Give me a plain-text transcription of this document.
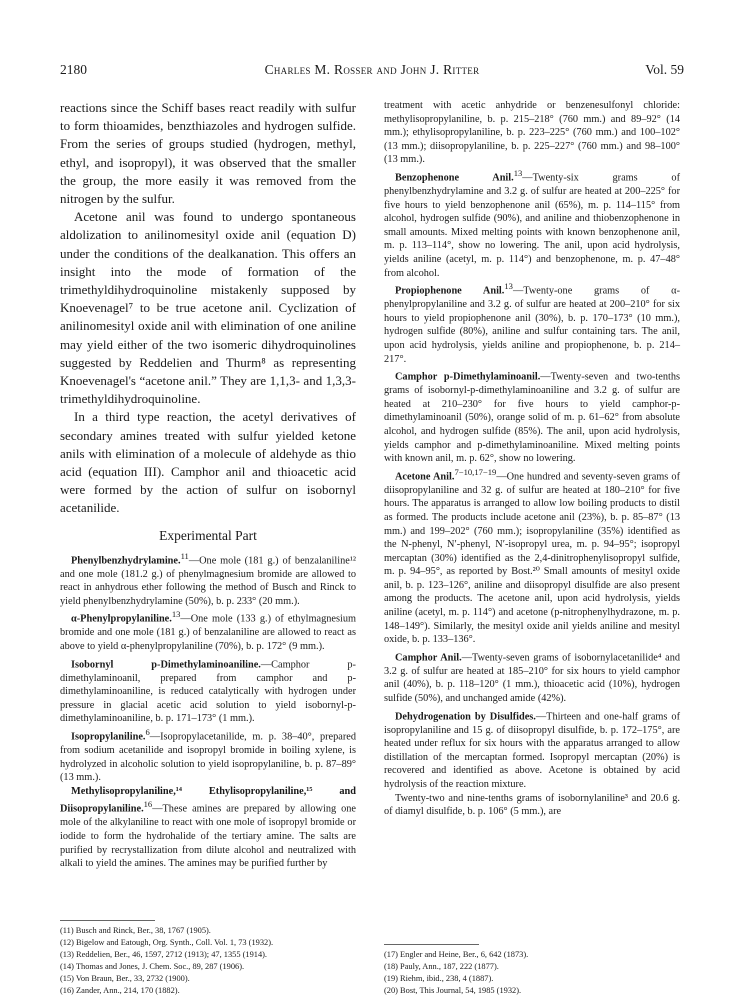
2180	Charles M. Rosser and John J. Ritter	Vol. 59

reactions since the Schiff bases react readily with sulfur to form thioamides, benzthiazoles and hydrogen sulfide. From the series of groups studied (hydrogen, methyl, ethyl, and isopropyl), it was observed that the smaller the group, the more easily it was removed from the nitrogen by the sulfur.

Acetone anil was found to undergo spontaneous aldolization to anilinomesityl oxide anil (equation D) under the conditions of the dealkanation. This offers an insight into the mode of formation of the trimethyldihydroquinoline mistakenly supposed by Knoevenagel⁷ to be true acetone anil. Cyclization of anilinomesityl oxide anil with elimination of one aniline may yield either of the two isomeric dihydroquinolines suggested by Reddelien and Thurm⁸ as representing Knoevenagel's “acetone anil.” They are 1,1,3- and 1,3,3-trimethyldihydroquinoline.

In a third type reaction, the acetyl derivatives of secondary amines treated with sulfur yielded ketone anils with elimination of a molecule of aldehyde as thio acid (equation III). Camphor anil and thioacetic acid were formed by the action of sulfur on isobornyl acetanilide.

Experimental Part

Phenylbenzhydrylamine.$^{11}$—One mole (181 g.) of benzalaniline¹² and one mole (181.2 g.) of phenylmagnesium bromide are allowed to react in anhydrous ether following the method of Busch and Rinck to yield phenylbenzhydrylamine (50%), b. p. 233° (20 mm.).

α-Phenylpropylaniline.$^{13}$—One mole (133 g.) of ethylmagnesium bromide and one mole (181 g.) of benzalaniline are allowed to react as above to yield α-phenylpropylaniline (70%), b. p. 172° (9 mm.).

Isobornyl p-Dimethylaminoaniline.—Camphor p-dimethylaminoanil, prepared from camphor and p-dimethylaminoaniline, is reduced catalytically with hydrogen under pressure in glacial acetic acid solution to yield isobornyl-p-dimethylaminoaniline, b. p. 171–173° (1 mm.).

Isopropylaniline.$^6$—Isopropylacetanilide, m. p. 38–40°, prepared from sodium acetanilide and isopropyl bromide in boiling xylene, is hydrolyzed in alcoholic solution to yield isopropylaniline, b. p. 87–89° (13 mm.).

Methylisopropylaniline,¹⁴ Ethylisopropylaniline,¹⁵ and Diisopropylaniline.$^{16}$—These amines are prepared by allowing one mole of the alkylaniline to react with one mole of isopropyl bromide or iodide to form the hydrohalide of the tertiary amine. The salts are purified by recrystallization from dilute alcohol and neutralized with alkali to yield the amines. The amines may be purified further by

(11) Busch and Rinck, Ber., 38, 1767 (1905).
(12) Bigelow and Eatough, Org. Synth., Coll. Vol. 1, 73 (1932).
(13) Reddelien, Ber., 46, 1597, 2712 (1913); 47, 1355 (1914).
(14) Thomas and Jones, J. Chem. Soc., 89, 287 (1906).
(15) Von Braun, Ber., 33, 2732 (1900).
(16) Zander, Ann., 214, 170 (1882).

treatment with acetic anhydride or benzenesulfonyl chloride: methylisopropylaniline, b. p. 215–218° (760 mm.) and 89–92° (14 mm.); ethylisopropylaniline, b. p. 223–225° (760 mm.) and 100–102° (13 mm.); diisopropylaniline, b. p. 225–227° (760 mm.) and 98–100° (13 mm.).

Benzophenone Anil.$^{13}$—Twenty-six grams of phenylbenzhydrylamine and 3.2 g. of sulfur are heated at 200–225° for five hours to yield benzophenone anil (65%), m. p. 114–115° from alcohol, hydrogen sulfide (90%), and aniline and thiobenzophenone in small amounts. Mixed melting points with known benzophenone anil, m. p. 113–114°, show no lowering. The anil, upon acid hydrolysis, yields aniline (acetyl, m. p. 114°) and benzophenone, m. p. 47–48° from alcohol.

Propiophenone Anil.$^{13}$—Twenty-one grams of α-phenylpropylaniline and 3.2 g. of sulfur are heated at 200–210° for six hours to yield propiophenone anil (30%), b. p. 170–173° (10 mm.), hydrogen sulfide (80%), aniline and sulfur containing tars. The anil, upon acid hydrolysis, yields aniline and propiophenone, b. p. 214–217°.

Camphor p-Dimethylaminoanil.—Twenty-seven and two-tenths grams of isobornyl-p-dimethylaminoaniline and 3.2 g. of sulfur are heated at 210–230° for five hours to yield camphor-p-dimethylaminoanil (50%), orange solid of m. p. 61–62° from absolute alcohol, and hydrogen sulfide (85%). The anil, upon acid hydrolysis, yields camphor and p-dimethylaminoaniline. Mixed melting points with known anil, m. p. 62°, show no lowering.

Acetone Anil.$^{7-10,17-19}$—One hundred and seventy-seven grams of diisopropylaniline and 32 g. of sulfur are heated at 180–210° for five hours. The apparatus is arranged to allow low boiling products to distil as formed. The products include acetone anil (23%), b. p. 85–87° (13 mm.) and 199–202° (760 mm.); isopropylaniline (35%) identified as the N-phenyl, N′-phenyl, N′-isopropyl urea, m. p. 94–95°; isopropyl mercaptan (30%) identified as the 2,4-dinitrophenylisopropyl sulfide, m. p. 94–95°, as reported by Bost.²⁰ Small amounts of mesityl oxide anil, b. p. 123–126°, aniline and diisopropyl disulfide are also present among the products. The acetone anil, upon acid hydrolysis, yields aniline (acetyl, m. p. 114°) and acetone (p-nitrophenylhydrazone, m. p. 148–149°). Similarly, the mesityl oxide anil yields aniline and mesityl oxide, b. p. 133–136°.

Camphor Anil.—Twenty-seven grams of isobornylacetanilide⁴ and 3.2 g. of sulfur are heated at 185–210° for six hours to yield camphor anil (40%), b. p. 118–120° (1 mm.), thioacetic acid (10%), hydrogen sulfide (50%), and unchanged amide (42%).

Dehydrogenation by Disulfides.—Thirteen and one-half grams of isopropylaniline and 15 g. of diisopropyl disulfide, b. p. 172–175°, are heated under reflux for six hours with the apparatus arranged to allow distillation of the mercaptan formed. Isopropyl mercaptan (20%) is recovered and identified as above. Acetone is obtained by acid hydrolysis of the reaction mixture.

Twenty-two and nine-tenths grams of isobornylaniline³ and 20.6 g. of diamyl disulfide, b. p. 106° (5 mm.), are

(17) Engler and Heine, Ber., 6, 642 (1873).
(18) Pauly, Ann., 187, 222 (1877).
(19) Riehm, ibid., 238, 4 (1887).
(20) Bost, This Journal, 54, 1985 (1932).
